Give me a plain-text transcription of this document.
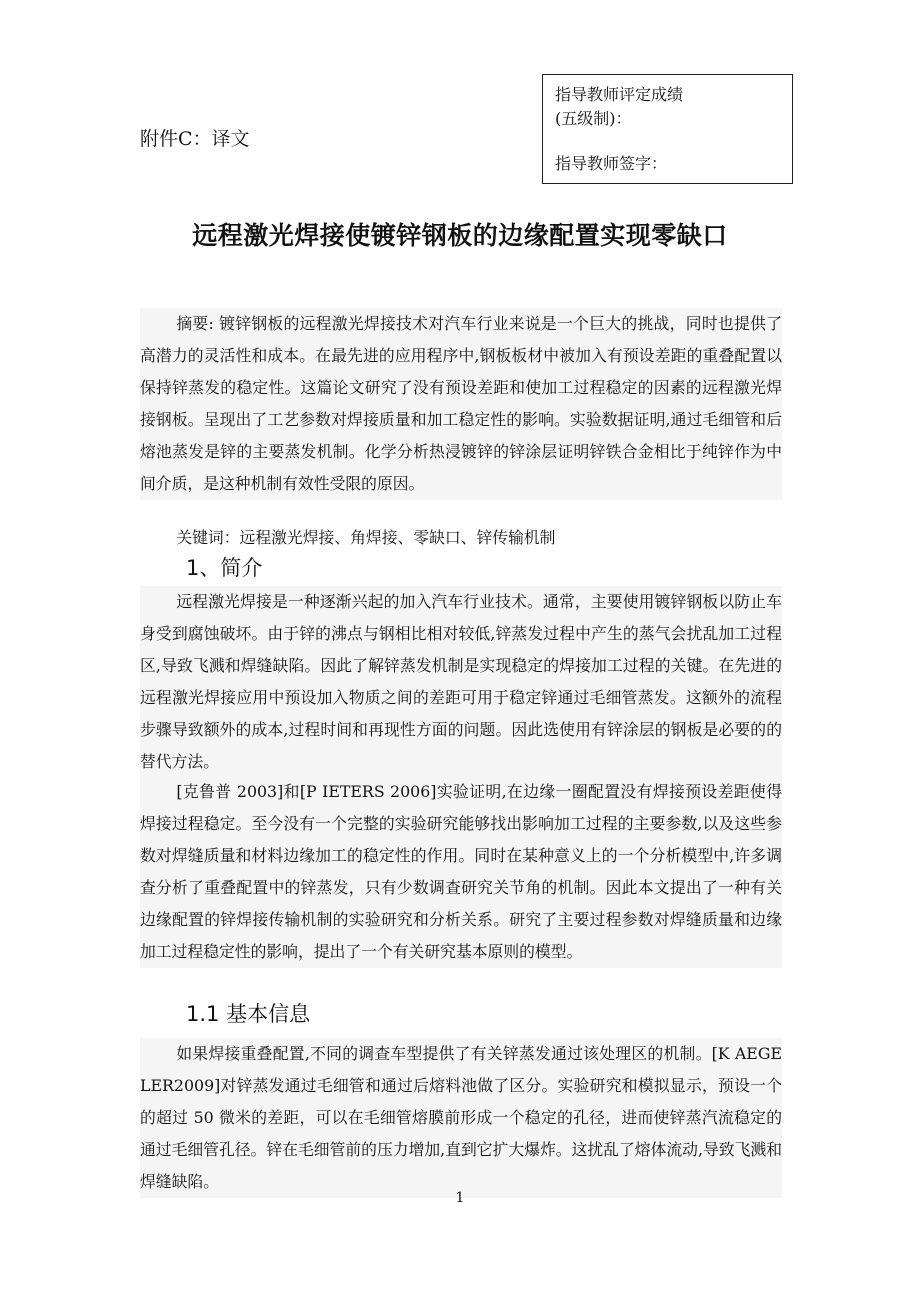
附件C：译文
指导教师评定成绩
(五级制)：
指导教师签字：
远程激光焊接使镀锌钢板的边缘配置实现零缺口

摘要: 镀锌钢板的远程激光焊接技术对汽车行业来说是一个巨大的挑战，同时也提供了高潜力的灵活性和成本。在最先进的应用程序中,钢板板材中被加入有预设差距的重叠配置以保持锌蒸发的稳定性。这篇论文研究了没有预设差距和使加工过程稳定的因素的远程激光焊接钢板。呈现出了工艺参数对焊接质量和加工稳定性的影响。实验数据证明,通过毛细管和后熔池蒸发是锌的主要蒸发机制。化学分析热浸镀锌的锌涂层证明锌铁合金相比于纯锌作为中间介质，是这种机制有效性受限的原因。

关键词：远程激光焊接、角焊接、零缺口、锌传输机制

1、简介

远程激光焊接是一种逐渐兴起的加入汽车行业技术。通常，主要使用镀锌钢板以防止车身受到腐蚀破坏。由于锌的沸点与钢相比相对较低,锌蒸发过程中产生的蒸气会扰乱加工过程区,导致飞溅和焊缝缺陷。因此了解锌蒸发机制是实现稳定的焊接加工过程的关键。在先进的远程激光焊接应用中预设加入物质之间的差距可用于稳定锌通过毛细管蒸发。这额外的流程步骤导致额外的成本,过程时间和再现性方面的问题。因此选使用有锌涂层的钢板是必要的的替代方法。

[克鲁普 2003]和[P IETERS 2006]实验证明,在边缘一圈配置没有焊接预设差距使得焊接过程稳定。至今没有一个完整的实验研究能够找出影响加工过程的主要参数,以及这些参数对焊缝质量和材料边缘加工的稳定性的作用。同时在某种意义上的一个分析模型中,许多调查分析了重叠配置中的锌蒸发，只有少数调查研究关节角的机制。因此本文提出了一种有关边缘配置的锌焊接传输机制的实验研究和分析关系。研究了主要过程参数对焊缝质量和边缘加工过程稳定性的影响，提出了一个有关研究基本原则的模型。

1.1 基本信息

如果焊接重叠配置,不同的调查车型提供了有关锌蒸发通过该处理区的机制。[K AEGELER2009]对锌蒸发通过毛细管和通过后熔料池做了区分。实验研究和模拟显示，预设一个的超过 50 微米的差距，可以在毛细管熔膜前形成一个稳定的孔径，进而使锌蒸汽流稳定的通过毛细管孔径。锌在毛细管前的压力增加,直到它扩大爆炸。这扰乱了熔体流动,导致飞溅和焊缝缺陷。

1
